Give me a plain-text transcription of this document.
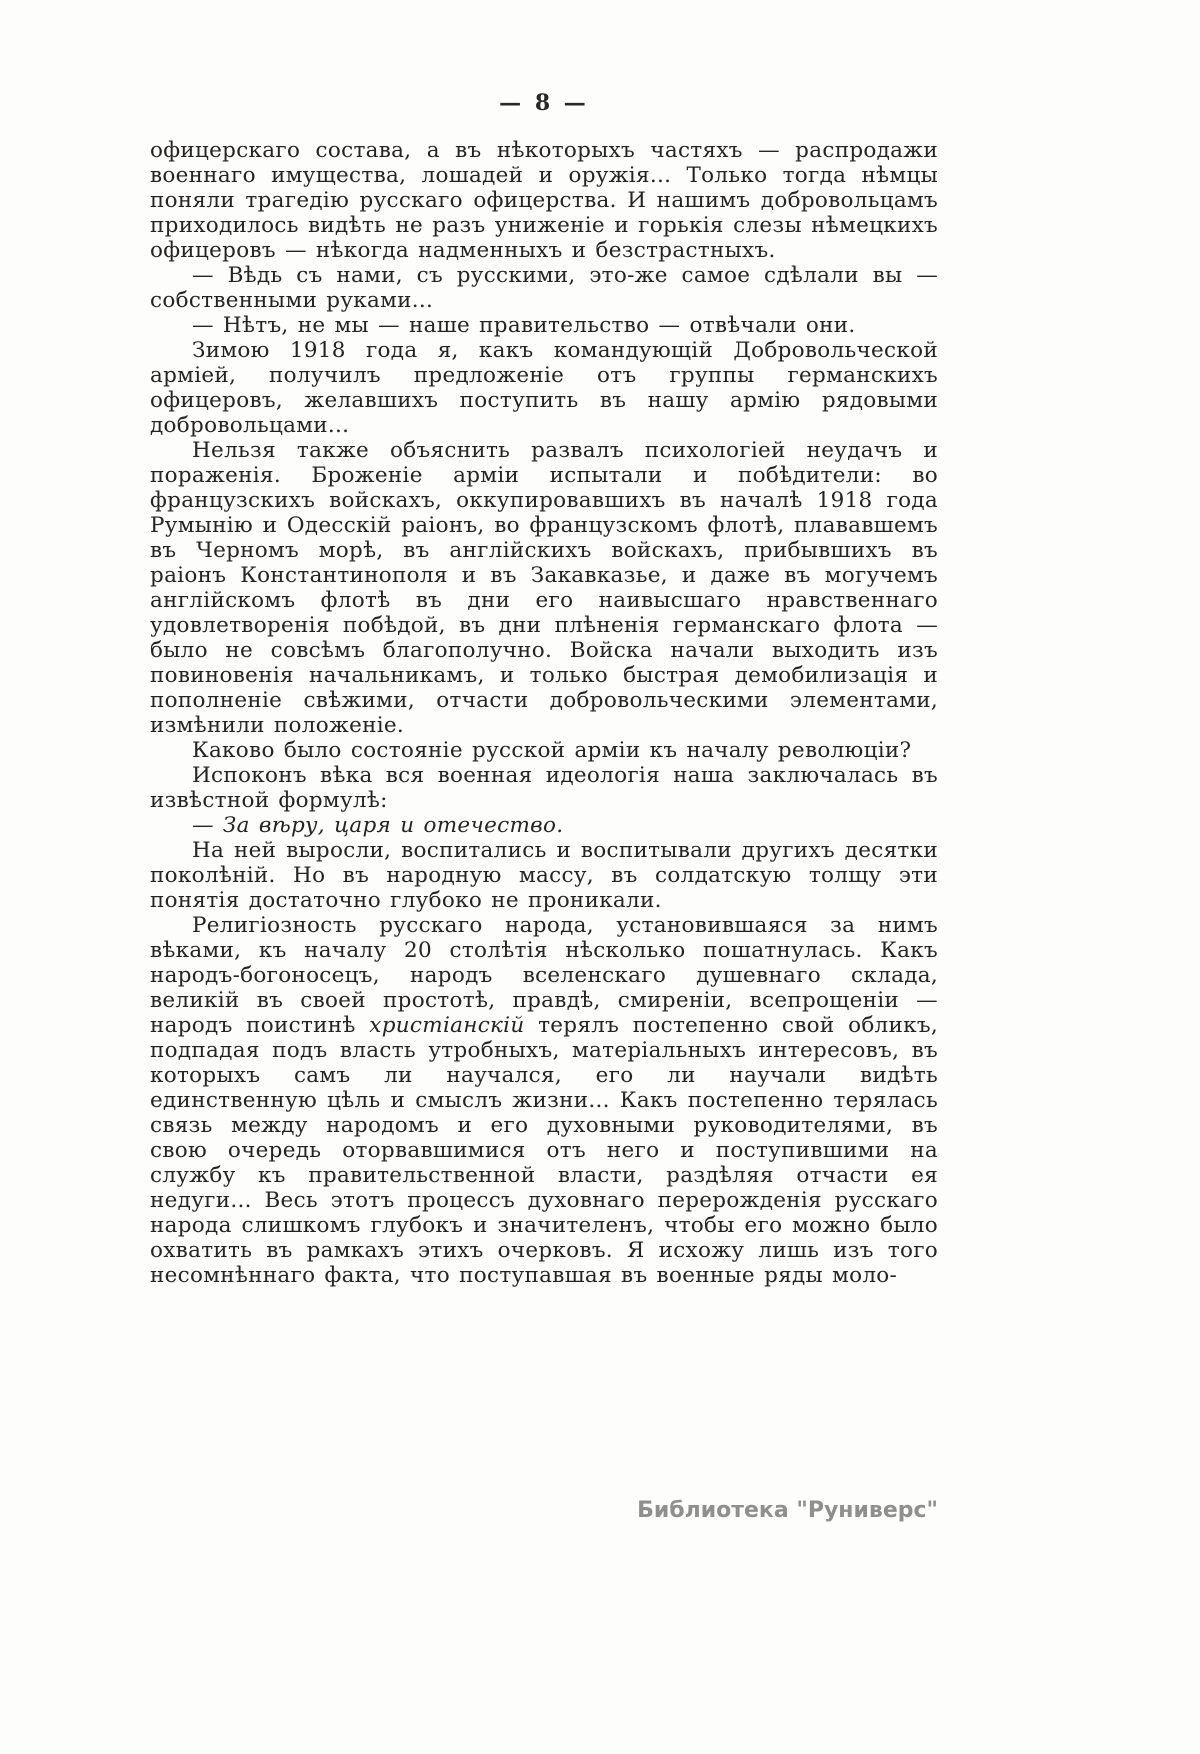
— 8 —

офицерскаго состава, а въ нѣкоторыхъ частяхъ — распродажи военнаго имущества, лошадей и оружія... Только тогда нѣмцы поняли трагедію русскаго офицерства. И нашимъ добровольцамъ приходилось видѣть не разъ униженіе и горькія слезы нѣмецкихъ офицеровъ — нѣкогда надменныхъ и безстрастныхъ.

— Вѣдь съ нами, съ русскими, это-же самое сдѣлали вы — собственными руками...

— Нѣтъ, не мы — наше правительство — отвѣчали они.

Зимою 1918 года я, какъ командующій Добровольческой арміей, получилъ предложеніе отъ группы германскихъ офицеровъ, желавшихъ поступить въ нашу армію рядовыми добровольцами...

Нельзя также объяснить развалъ психологіей неудачъ и пораженія. Броженіе арміи испытали и побѣдители: во французскихъ войскахъ, оккупировавшихъ въ началѣ 1918 года Румынію и Одесскій раіонъ, во французскомъ флотѣ, плававшемъ въ Черномъ морѣ, въ англійскихъ войскахъ, прибывшихъ въ раіонъ Константинополя и въ Закавказье, и даже въ могучемъ англійскомъ флотѣ въ дни его наивысшаго нравственнаго удовлетворенія побѣдой, въ дни плѣненія германскаго флота — было не совсѣмъ благополучно. Войска начали выходить изъ повиновенія начальникамъ, и только быстрая демобилизація и пополненіе свѣжими, отчасти добровольческими элементами, измѣнили положеніе.

Каково было состояніе русской арміи къ началу революціи?

Испоконъ вѣка вся военная идеологія наша заключалась въ извѣстной формулѣ:

— За вѣру, царя и отечество.

На ней выросли, воспитались и воспитывали другихъ десятки поколѣній. Но въ народную массу, въ солдатскую толщу эти понятія достаточно глубоко не проникали.

Религіозность русскаго народа, установившаяся за нимъ вѣками, къ началу 20 столѣтія нѣсколько пошатнулась. Какъ народъ-богоносецъ, народъ вселенскаго душевнаго склада, великій въ своей простотѣ, правдѣ, смиреніи, всепрощеніи — народъ поистинѣ христіанскій терялъ постепенно свой обликъ, подпадая подъ власть утробныхъ, матеріальныхъ интересовъ, въ которыхъ самъ ли научался, его ли научали видѣть единственную цѣль и смыслъ жизни... Какъ постепенно терялась связь между народомъ и его духовными руководителями, въ свою очередь оторвавшимися отъ него и поступившими на службу къ правительственной власти, раздѣляя отчасти ея недуги... Весь этотъ процессъ духовнаго перерожденія русскаго народа слишкомъ глубокъ и значителенъ, чтобы его можно было охватить въ рамкахъ этихъ очерковъ. Я исхожу лишь изъ того несомнѣннаго факта, что поступавшая въ военные ряды моло-

Библиотека "Руниверс"
